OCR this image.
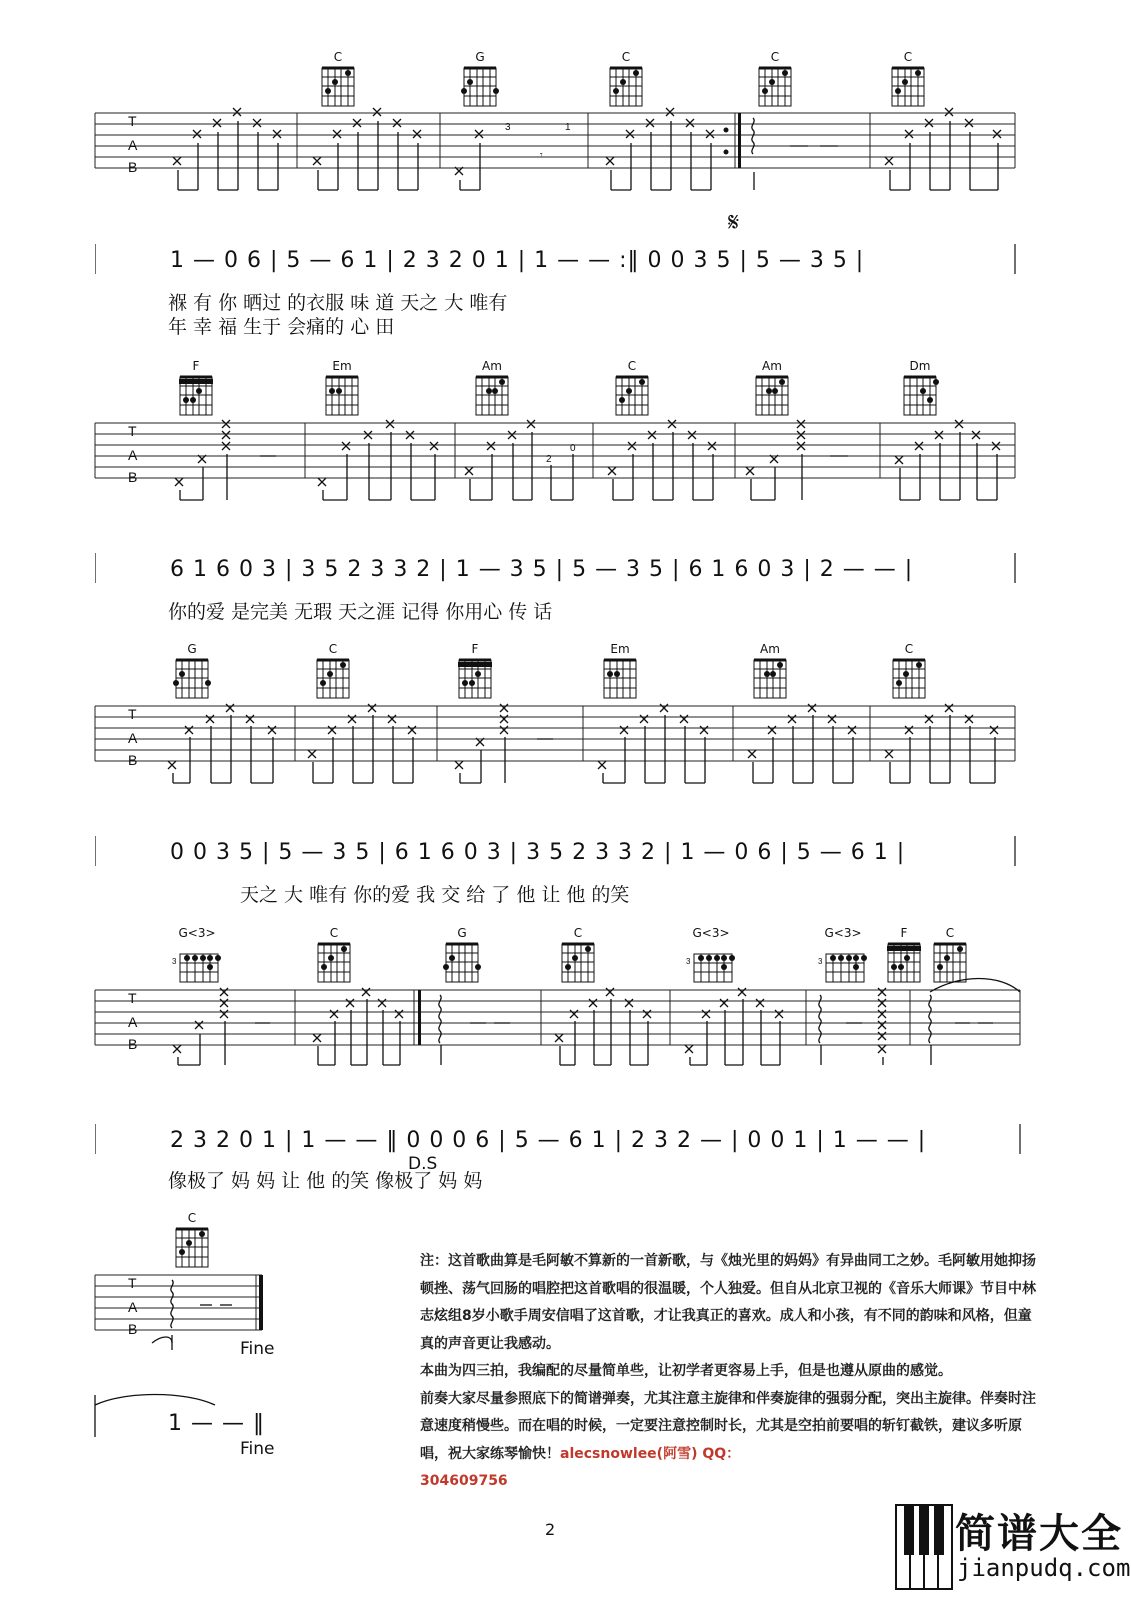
T
A
B
3	1
𝄾
C	G	C	C	C
𝄋
1 — 0 6 | 5 — 6 1 | 2 3 2 0 1 | 1 — — :‖ 0 0 3 5 | 5 — 3 5 |
褓 有 你 晒过 的衣服 味 道 天之 大 唯有
年 幸 福 生于 会痛的 心 田
T
A
B
2
0
F	Em	Am	C	Am	Dm
6 1 6 0 3 | 3 5 2 3 3 2 | 1 — 3 5 | 5 — 3 5 | 6 1 6 0 3 | 2 — — |
你的爱 是完美 无瑕 天之涯 记得 你用心 传 话
T
A
B
G	C	F	Em	Am	C
0 0 3 5 | 5 — 3 5 | 6 1 6 0 3 | 3 5 2 3 3 2 | 1 — 0 6 | 5 — 6 1 |
天之 大 唯有 你的爱 我 交 给 了 他 让 他 的笑
T
A
B
G<3>
3
C	G	C	G<3>
3
G<3>
3
F	C
2 3 2 0 1 | 1 — — ‖ 0 0 0 6 | 5 — 6 1 | 2 3 2 — | 0 0 1 | 1 — — |
D.S
像极了 妈 妈 让 他 的笑 像极了 妈 妈
T
A
B
C
Fine
1 — — ‖
Fine
注：这首歌曲算是毛阿敏不算新的一首新歌，与《烛光里的妈妈》有异曲同工之妙。毛阿敏用她抑扬顿挫、荡气回肠的唱腔把这首歌唱的很温暖，个人独爱。但自从北京卫视的《音乐大师课》节目中林志炫组8岁小歌手周安信唱了这首歌，才让我真正的喜欢。成人和小孩，有不同的韵味和风格，但童真的声音更让我感动。
本曲为四三拍，我编配的尽量简单些，让初学者更容易上手，但是也遵从原曲的感觉。
前奏大家尽量参照底下的简谱弹奏，尤其注意主旋律和伴奏旋律的强弱分配，突出主旋律。伴奏时注意速度稍慢些。而在唱的时候，一定要注意控制时长，尤其是空拍前要唱的斩钉截铁，建议多听原唱，祝大家练琴愉快！alecsnowlee(阿雪) QQ：
304609756
2	简谱大全
jianpudq.com
